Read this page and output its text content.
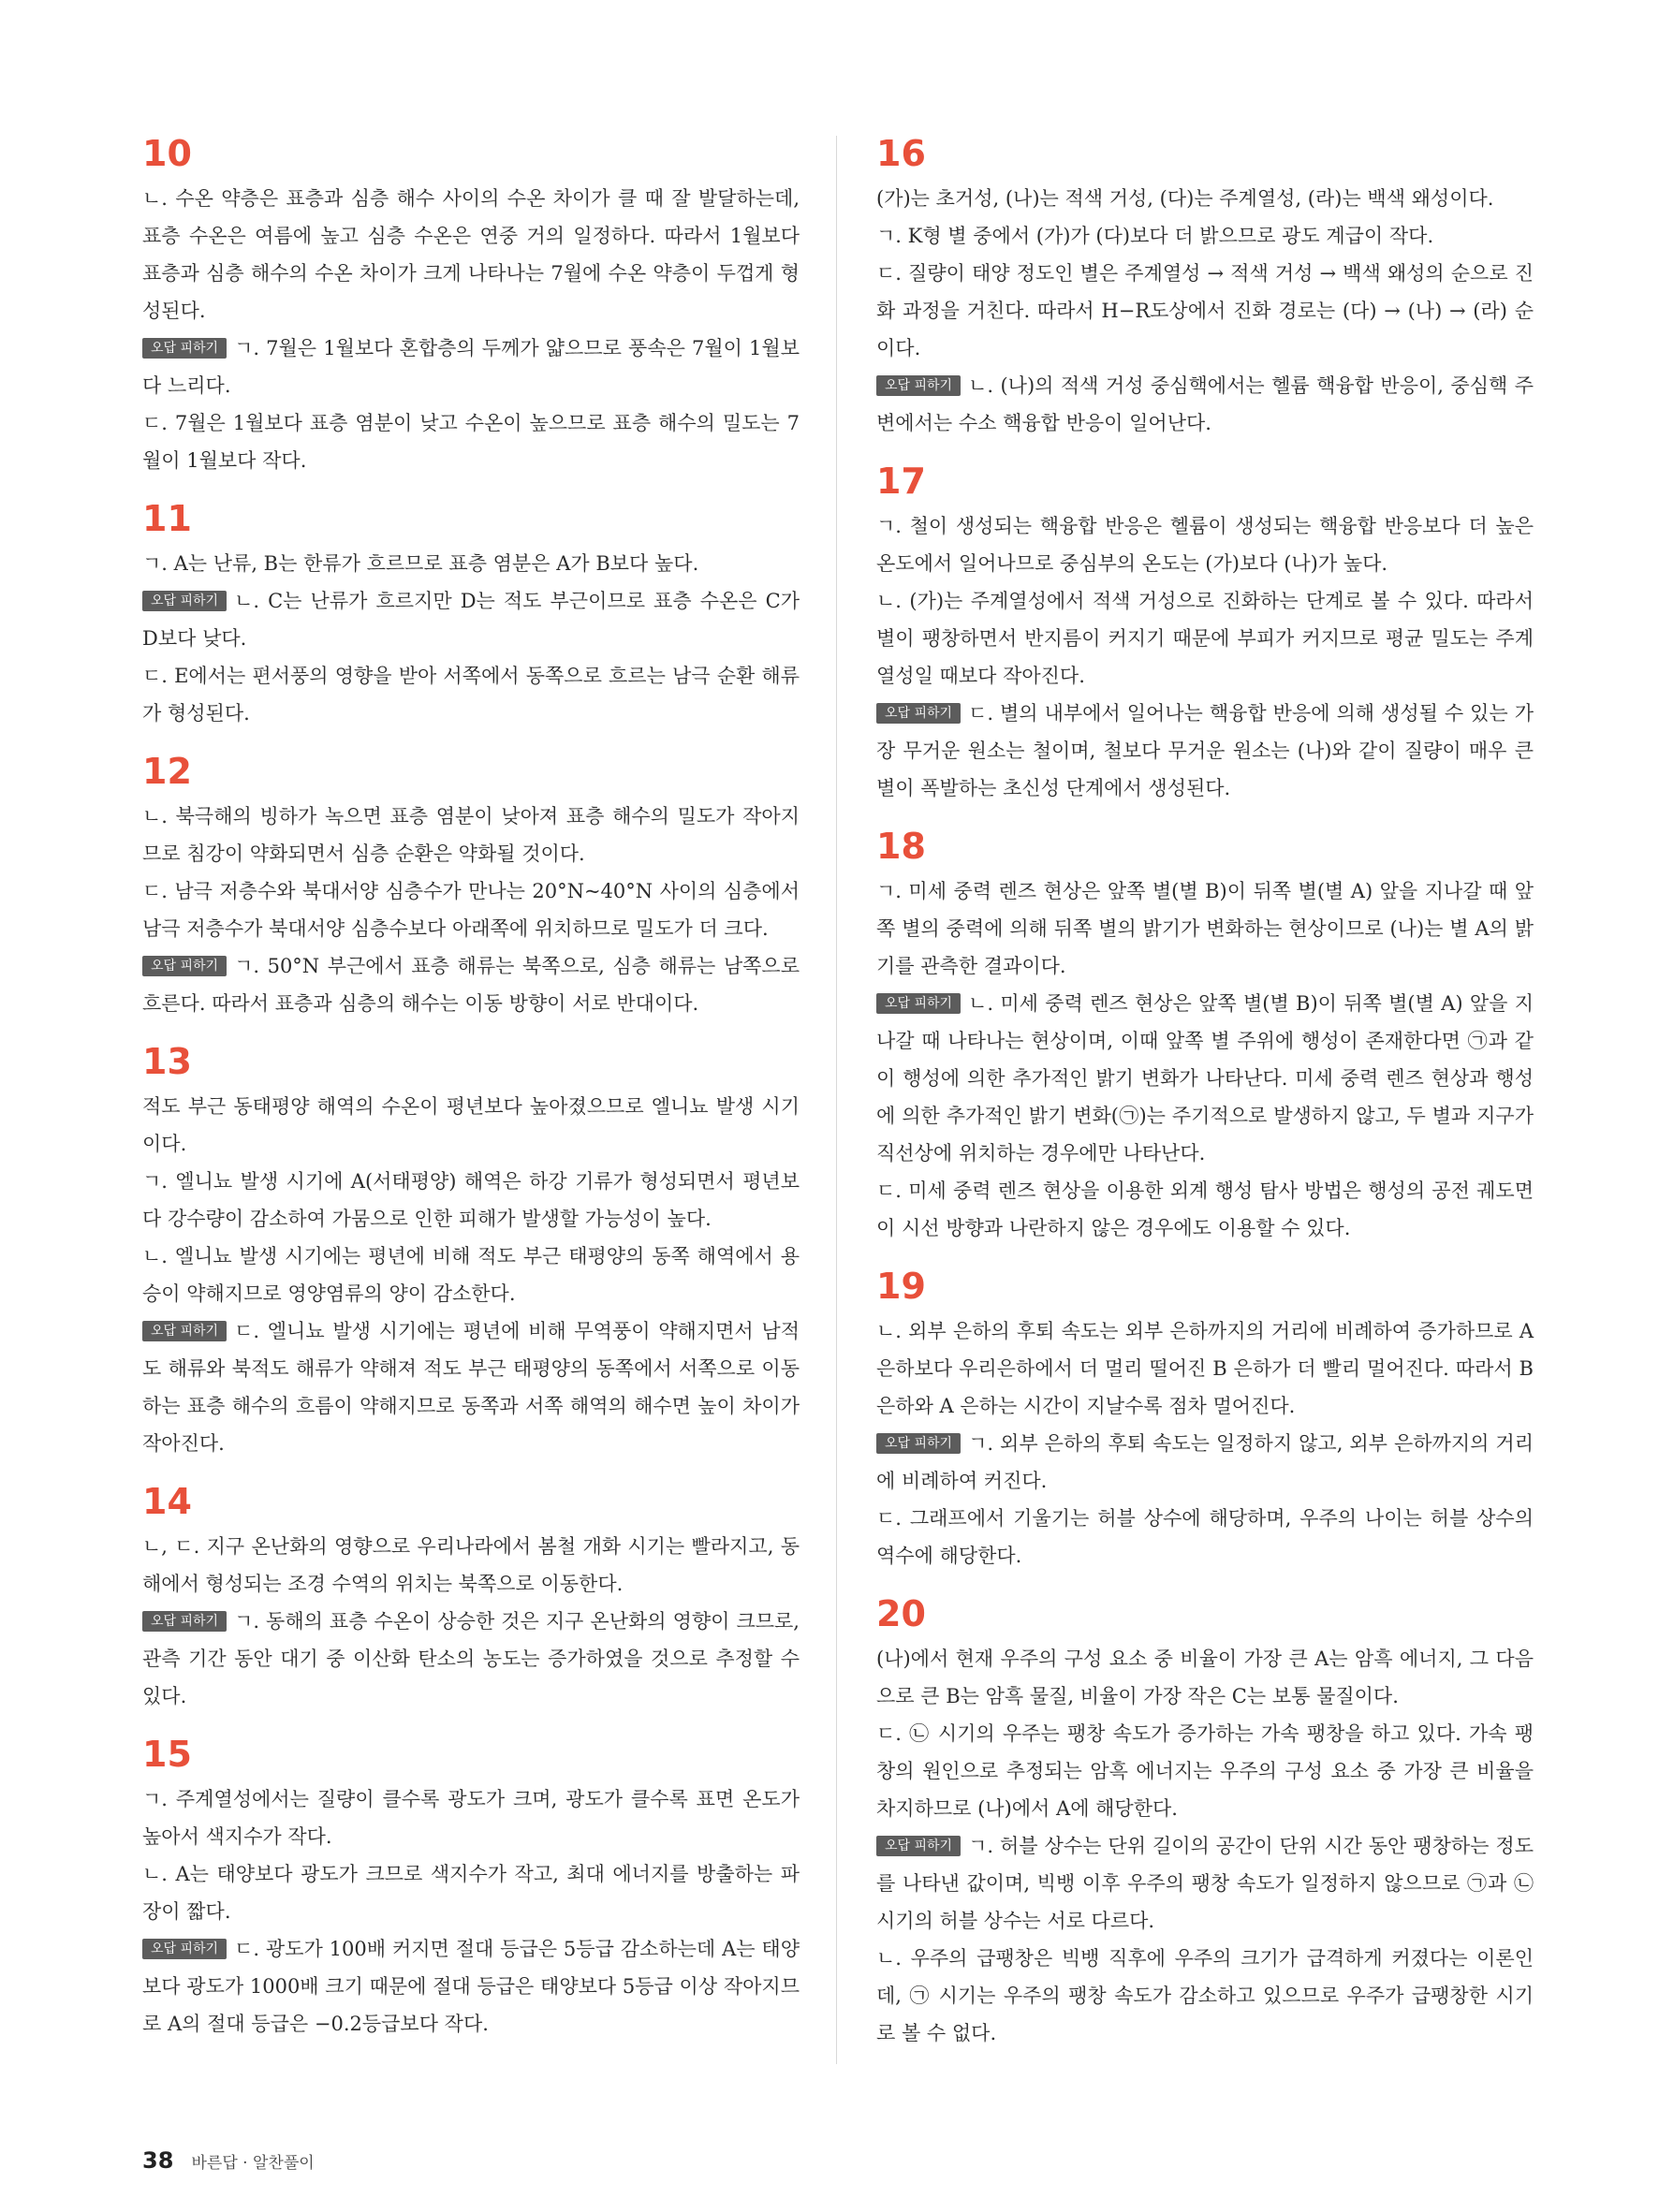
10

ㄴ. 수온 약층은 표층과 심층 해수 사이의 수온 차이가 클 때 잘 발달하는데, 표층 수온은 여름에 높고 심층 수온은 연중 거의 일정하다. 따라서 1월보다 표층과 심층 해수의 수온 차이가 크게 나타나는 7월에 수온 약층이 두껍게 형성된다.

오답 피하기 ㄱ. 7월은 1월보다 혼합층의 두께가 얇으므로 풍속은 7월이 1월보다 느리다.

ㄷ. 7월은 1월보다 표층 염분이 낮고 수온이 높으므로 표층 해수의 밀도는 7월이 1월보다 작다.

11

ㄱ. A는 난류, B는 한류가 흐르므로 표층 염분은 A가 B보다 높다.

오답 피하기 ㄴ. C는 난류가 흐르지만 D는 적도 부근이므로 표층 수온은 C가 D보다 낮다.

ㄷ. E에서는 편서풍의 영향을 받아 서쪽에서 동쪽으로 흐르는 남극 순환 해류가 형성된다.

12

ㄴ. 북극해의 빙하가 녹으면 표층 염분이 낮아져 표층 해수의 밀도가 작아지므로 침강이 약화되면서 심층 순환은 약화될 것이다.

ㄷ. 남극 저층수와 북대서양 심층수가 만나는 20°N~40°N 사이의 심층에서 남극 저층수가 북대서양 심층수보다 아래쪽에 위치하므로 밀도가 더 크다.

오답 피하기 ㄱ. 50°N 부근에서 표층 해류는 북쪽으로, 심층 해류는 남쪽으로 흐른다. 따라서 표층과 심층의 해수는 이동 방향이 서로 반대이다.

13

적도 부근 동태평양 해역의 수온이 평년보다 높아졌으므로 엘니뇨 발생 시기이다.

ㄱ. 엘니뇨 발생 시기에 A(서태평양) 해역은 하강 기류가 형성되면서 평년보다 강수량이 감소하여 가뭄으로 인한 피해가 발생할 가능성이 높다.

ㄴ. 엘니뇨 발생 시기에는 평년에 비해 적도 부근 태평양의 동쪽 해역에서 용승이 약해지므로 영양염류의 양이 감소한다.

오답 피하기 ㄷ. 엘니뇨 발생 시기에는 평년에 비해 무역풍이 약해지면서 남적도 해류와 북적도 해류가 약해져 적도 부근 태평양의 동쪽에서 서쪽으로 이동하는 표층 해수의 흐름이 약해지므로 동쪽과 서쪽 해역의 해수면 높이 차이가 작아진다.

14

ㄴ, ㄷ. 지구 온난화의 영향으로 우리나라에서 봄철 개화 시기는 빨라지고, 동해에서 형성되는 조경 수역의 위치는 북쪽으로 이동한다.

오답 피하기 ㄱ. 동해의 표층 수온이 상승한 것은 지구 온난화의 영향이 크므로, 관측 기간 동안 대기 중 이산화 탄소의 농도는 증가하였을 것으로 추정할 수 있다.

15

ㄱ. 주계열성에서는 질량이 클수록 광도가 크며, 광도가 클수록 표면 온도가 높아서 색지수가 작다.

ㄴ. A는 태양보다 광도가 크므로 색지수가 작고, 최대 에너지를 방출하는 파장이 짧다.

오답 피하기 ㄷ. 광도가 100배 커지면 절대 등급은 5등급 감소하는데 A는 태양보다 광도가 1000배 크기 때문에 절대 등급은 태양보다 5등급 이상 작아지므로 A의 절대 등급은 −0.2등급보다 작다.

16

(가)는 초거성, (나)는 적색 거성, (다)는 주계열성, (라)는 백색 왜성이다.

ㄱ. K형 별 중에서 (가)가 (다)보다 더 밝으므로 광도 계급이 작다.

ㄷ. 질량이 태양 정도인 별은 주계열성 → 적색 거성 → 백색 왜성의 순으로 진화 과정을 거친다. 따라서 H−R도상에서 진화 경로는 (다) → (나) → (라) 순이다.

오답 피하기 ㄴ. (나)의 적색 거성 중심핵에서는 헬륨 핵융합 반응이, 중심핵 주변에서는 수소 핵융합 반응이 일어난다.

17

ㄱ. 철이 생성되는 핵융합 반응은 헬륨이 생성되는 핵융합 반응보다 더 높은 온도에서 일어나므로 중심부의 온도는 (가)보다 (나)가 높다.

ㄴ. (가)는 주계열성에서 적색 거성으로 진화하는 단계로 볼 수 있다. 따라서 별이 팽창하면서 반지름이 커지기 때문에 부피가 커지므로 평균 밀도는 주계열성일 때보다 작아진다.

오답 피하기 ㄷ. 별의 내부에서 일어나는 핵융합 반응에 의해 생성될 수 있는 가장 무거운 원소는 철이며, 철보다 무거운 원소는 (나)와 같이 질량이 매우 큰 별이 폭발하는 초신성 단계에서 생성된다.

18

ㄱ. 미세 중력 렌즈 현상은 앞쪽 별(별 B)이 뒤쪽 별(별 A) 앞을 지나갈 때 앞쪽 별의 중력에 의해 뒤쪽 별의 밝기가 변화하는 현상이므로 (나)는 별 A의 밝기를 관측한 결과이다.

오답 피하기 ㄴ. 미세 중력 렌즈 현상은 앞쪽 별(별 B)이 뒤쪽 별(별 A) 앞을 지나갈 때 나타나는 현상이며, 이때 앞쪽 별 주위에 행성이 존재한다면 ㉠과 같이 행성에 의한 추가적인 밝기 변화가 나타난다. 미세 중력 렌즈 현상과 행성에 의한 추가적인 밝기 변화(㉠)는 주기적으로 발생하지 않고, 두 별과 지구가 직선상에 위치하는 경우에만 나타난다.

ㄷ. 미세 중력 렌즈 현상을 이용한 외계 행성 탐사 방법은 행성의 공전 궤도면이 시선 방향과 나란하지 않은 경우에도 이용할 수 있다.

19

ㄴ. 외부 은하의 후퇴 속도는 외부 은하까지의 거리에 비례하여 증가하므로 A 은하보다 우리은하에서 더 멀리 떨어진 B 은하가 더 빨리 멀어진다. 따라서 B 은하와 A 은하는 시간이 지날수록 점차 멀어진다.

오답 피하기 ㄱ. 외부 은하의 후퇴 속도는 일정하지 않고, 외부 은하까지의 거리에 비례하여 커진다.

ㄷ. 그래프에서 기울기는 허블 상수에 해당하며, 우주의 나이는 허블 상수의 역수에 해당한다.

20

(나)에서 현재 우주의 구성 요소 중 비율이 가장 큰 A는 암흑 에너지, 그 다음으로 큰 B는 암흑 물질, 비율이 가장 작은 C는 보통 물질이다.

ㄷ. ㉡ 시기의 우주는 팽창 속도가 증가하는 가속 팽창을 하고 있다. 가속 팽창의 원인으로 추정되는 암흑 에너지는 우주의 구성 요소 중 가장 큰 비율을 차지하므로 (나)에서 A에 해당한다.

오답 피하기 ㄱ. 허블 상수는 단위 길이의 공간이 단위 시간 동안 팽창하는 정도를 나타낸 값이며, 빅뱅 이후 우주의 팽창 속도가 일정하지 않으므로 ㉠과 ㉡ 시기의 허블 상수는 서로 다르다.

ㄴ. 우주의 급팽창은 빅뱅 직후에 우주의 크기가 급격하게 커졌다는 이론인데, ㉠ 시기는 우주의 팽창 속도가 감소하고 있으므로 우주가 급팽창한 시기로 볼 수 없다.

38 바른답 · 알찬풀이
